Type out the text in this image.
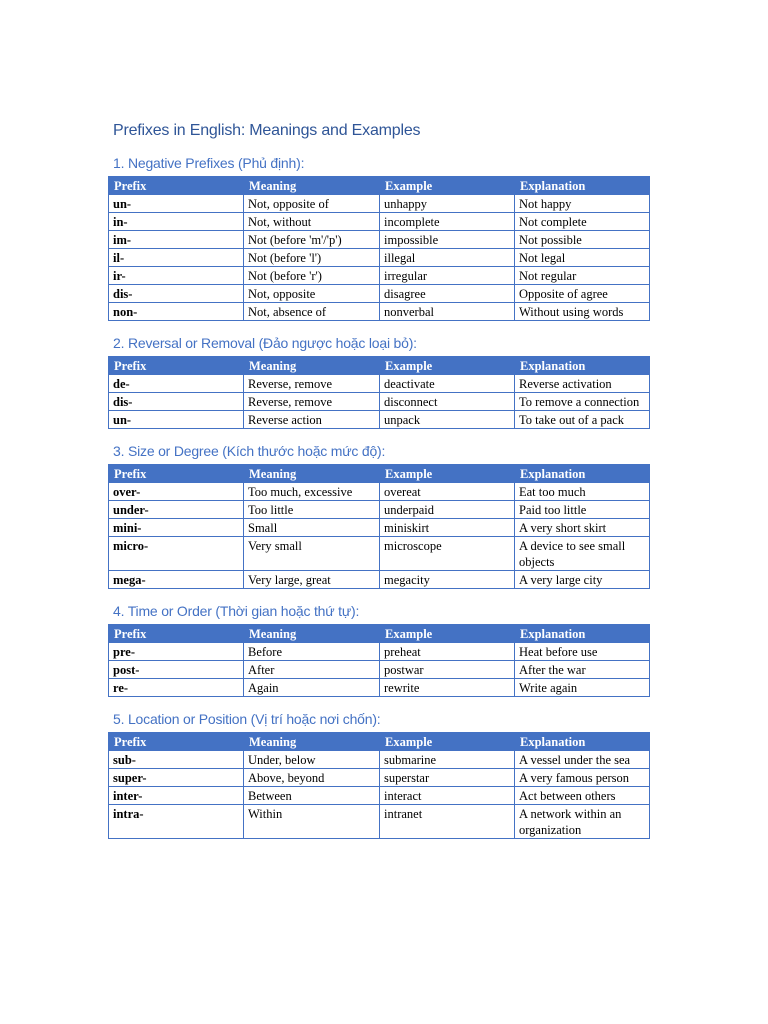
Prefixes in English: Meanings and Examples
1. Negative Prefixes (Phủ định):
Prefix	Meaning	Example	Explanation
un-	Not, opposite of	unhappy	Not happy
in-	Not, without	incomplete	Not complete
im-	Not (before 'm'/'p')	impossible	Not possible
il-	Not (before 'l')	illegal	Not legal
ir-	Not (before 'r')	irregular	Not regular
dis-	Not, opposite	disagree	Opposite of agree
non-	Not, absence of	nonverbal	Without using words
2. Reversal or Removal (Đảo ngược hoặc loại bỏ):
Prefix	Meaning	Example	Explanation
de-	Reverse, remove	deactivate	Reverse activation
dis-	Reverse, remove	disconnect	To remove a connection
un-	Reverse action	unpack	To take out of a pack
3. Size or Degree (Kích thước hoặc mức độ):
Prefix	Meaning	Example	Explanation
over-	Too much, excessive	overeat	Eat too much
under-	Too little	underpaid	Paid too little
mini-	Small	miniskirt	A very short skirt
micro-	Very small	microscope	A device to see small objects
mega-	Very large, great	megacity	A very large city
4. Time or Order (Thời gian hoặc thứ tự):
Prefix	Meaning	Example	Explanation
pre-	Before	preheat	Heat before use
post-	After	postwar	After the war
re-	Again	rewrite	Write again
5. Location or Position (Vị trí hoặc nơi chốn):
Prefix	Meaning	Example	Explanation
sub-	Under, below	submarine	A vessel under the sea
super-	Above, beyond	superstar	A very famous person
inter-	Between	interact	Act between others
intra-	Within	intranet	A network within an organization
